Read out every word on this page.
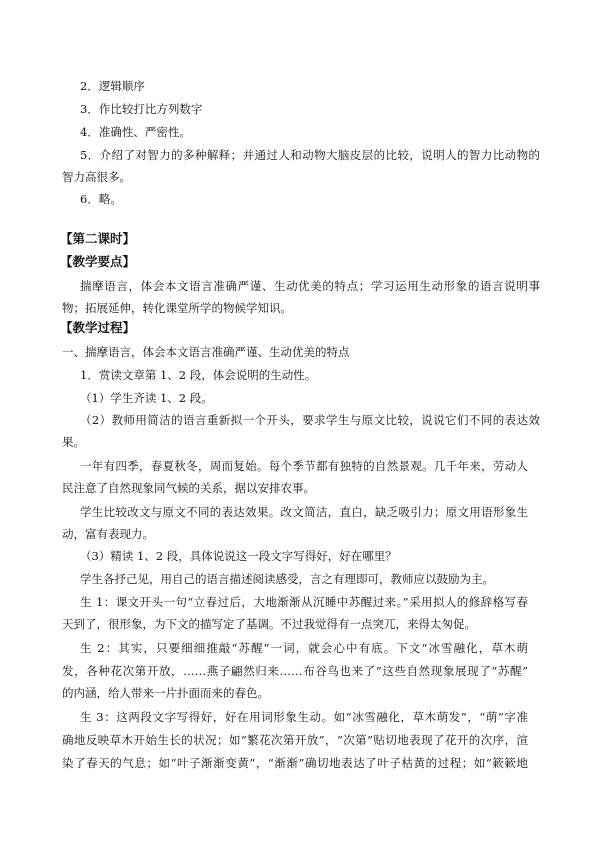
2．逻辑顺序
3．作比较打比方列数字
4．准确性、严密性。
5．介绍了对智力的多种解释；并通过人和动物大脑皮层的比较，说明人的智力比动物的
智力高很多。
6．略。
【第二课时】
【教学要点】
揣摩语言，体会本文语言准确严谨、生动优美的特点；学习运用生动形象的语言说明事
物；拓展延伸，转化课堂所学的物候学知识。
【教学过程】
一、揣摩语言，体会本文语言准确严谨、生动优美的特点
1．赏读文章第 1、2 段，体会说明的生动性。
（1）学生齐读 1、2 段。
（2）教师用简洁的语言重新拟一个开头，要求学生与原文比较，说说它们不同的表达效
果。
一年有四季，春夏秋冬，周而复始。每个季节都有独特的自然景观。几千年来，劳动人
民注意了自然现象同气候的关系，据以安排农事。
学生比较改文与原文不同的表达效果。改文简洁，直白，缺乏吸引力；原文用语形象生
动，富有表现力。
（3）精读 1、2 段，具体说说这一段文字写得好，好在哪里？
学生各抒己见，用自己的语言描述阅读感受，言之有理即可，教师应以鼓励为主。
生 1：课文开头一句“立春过后，大地渐渐从沉睡中苏醒过来。”采用拟人的修辞格写春
天到了，很形象，为下文的描写定了基调。不过我觉得有一点突兀，来得太匆促。
生 2：其实，只要细细推敲“苏醒”一词，就会心中有底。下文“冰雪融化，草木萌
发，各种花次第开放，……燕子翩然归来……布谷鸟也来了”这些自然现象展现了“苏醒”
的内涵，给人带来一片扑面而来的春色。
生 3：这两段文字写得好，好在用词形象生动。如“冰雪融化，草木萌发”，“萌”字准
确地反映草木开始生长的状况；如“繁花次第开放”，“次第”贴切地表现了花开的次序，渲
染了春天的气息；如“叶子渐渐变黄”，“渐渐”确切地表达了叶子枯黄的过程；如“簌簌地
